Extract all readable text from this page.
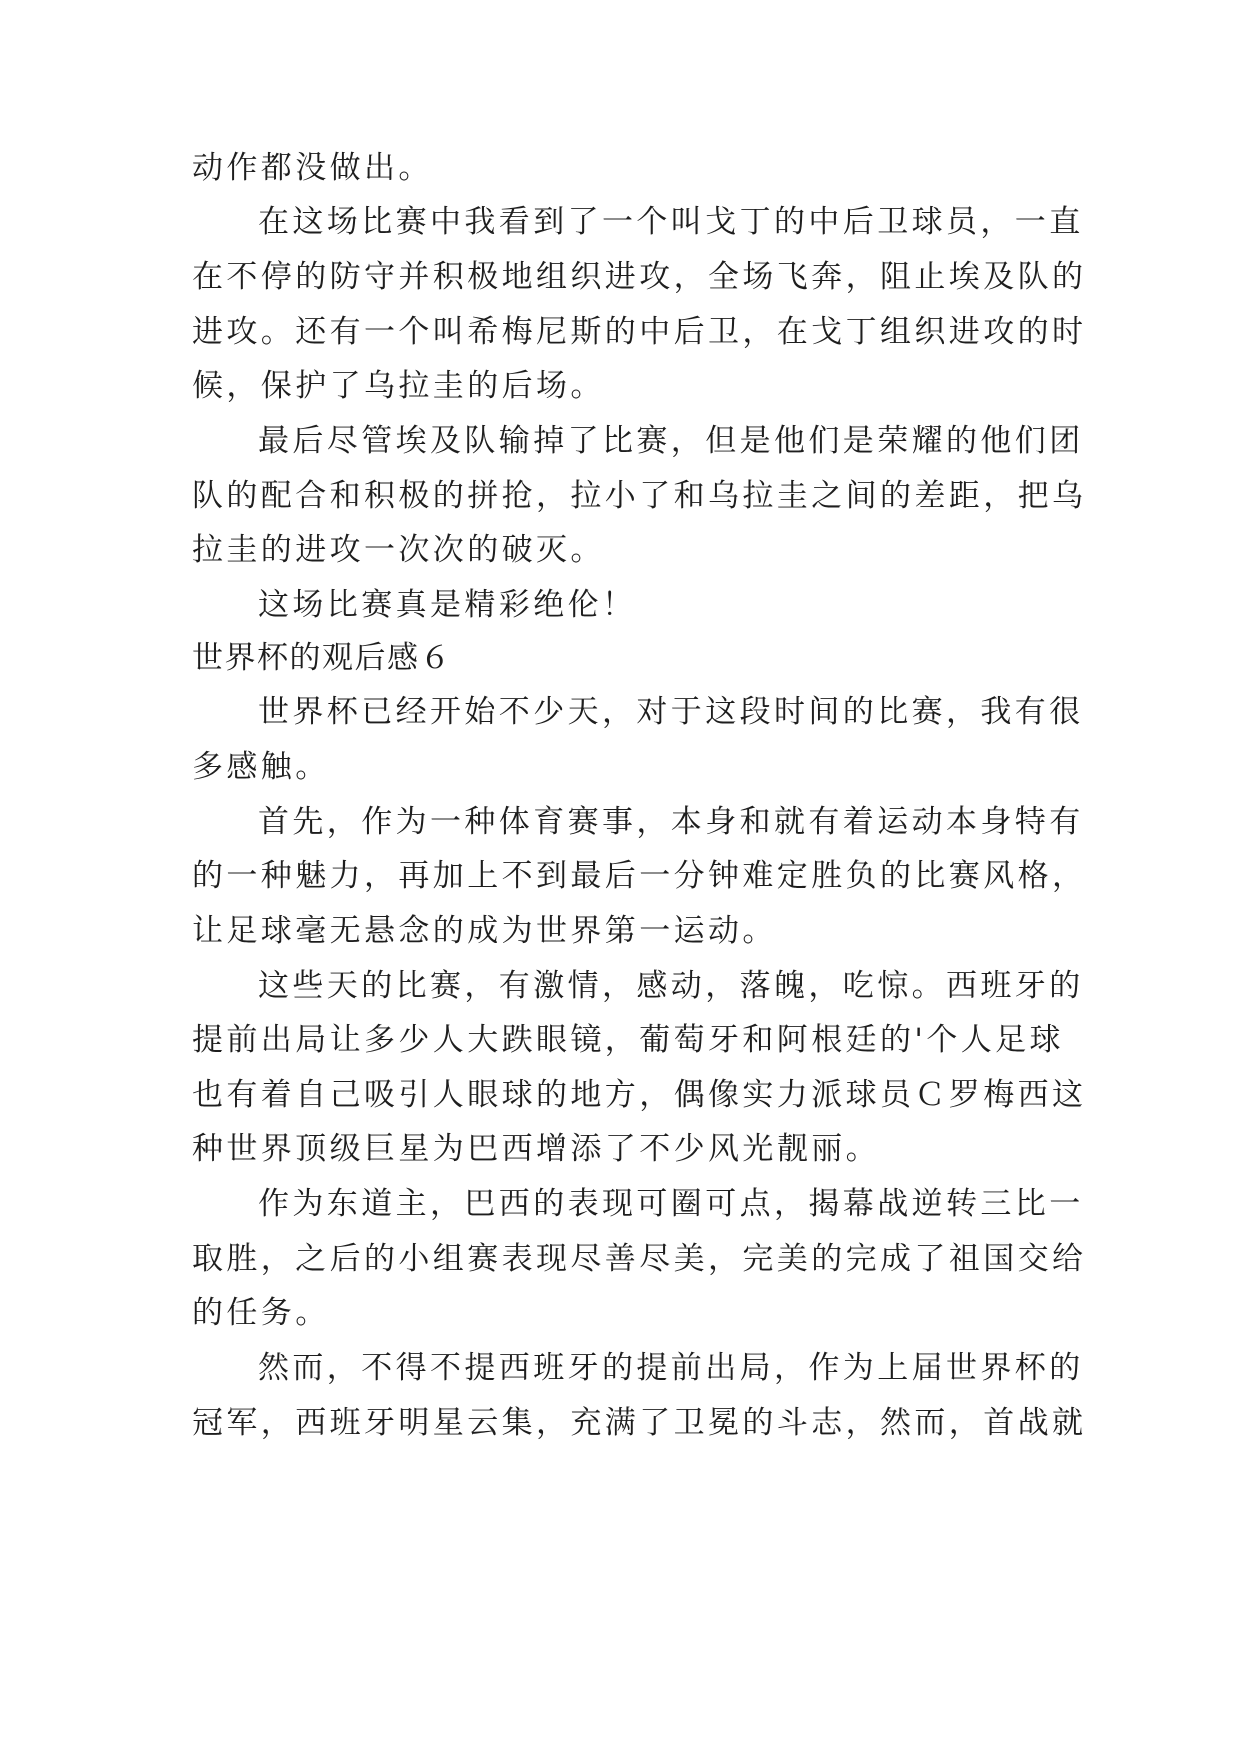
动作都没做出。
在这场比赛中我看到了一个叫戈丁的中后卫球员，一直
在不停的防守并积极地组织进攻，全场飞奔，阻止埃及队的
进攻。还有一个叫希梅尼斯的中后卫，在戈丁组织进攻的时
候，保护了乌拉圭的后场。
最后尽管埃及队输掉了比赛，但是他们是荣耀的他们团
队的配合和积极的拼抢，拉小了和乌拉圭之间的差距，把乌
拉圭的进攻一次次的破灭。
这场比赛真是精彩绝伦！
世界杯的观后感６
世界杯已经开始不少天，对于这段时间的比赛，我有很
多感触。
首先，作为一种体育赛事，本身和就有着运动本身特有
的一种魅力，再加上不到最后一分钟难定胜负的比赛风格，
让足球毫无悬念的成为世界第一运动。
这些天的比赛，有激情，感动，落魄，吃惊。西班牙的
提前出局让多少人大跌眼镜，葡萄牙和阿根廷的'个人足球
也有着自己吸引人眼球的地方，偶像实力派球员Ｃ罗梅西这
种世界顶级巨星为巴西增添了不少风光靓丽。
作为东道主，巴西的表现可圈可点，揭幕战逆转三比一
取胜，之后的小组赛表现尽善尽美，完美的完成了祖国交给
的任务。
然而，不得不提西班牙的提前出局，作为上届世界杯的
冠军，西班牙明星云集，充满了卫冕的斗志，然而，首战就
